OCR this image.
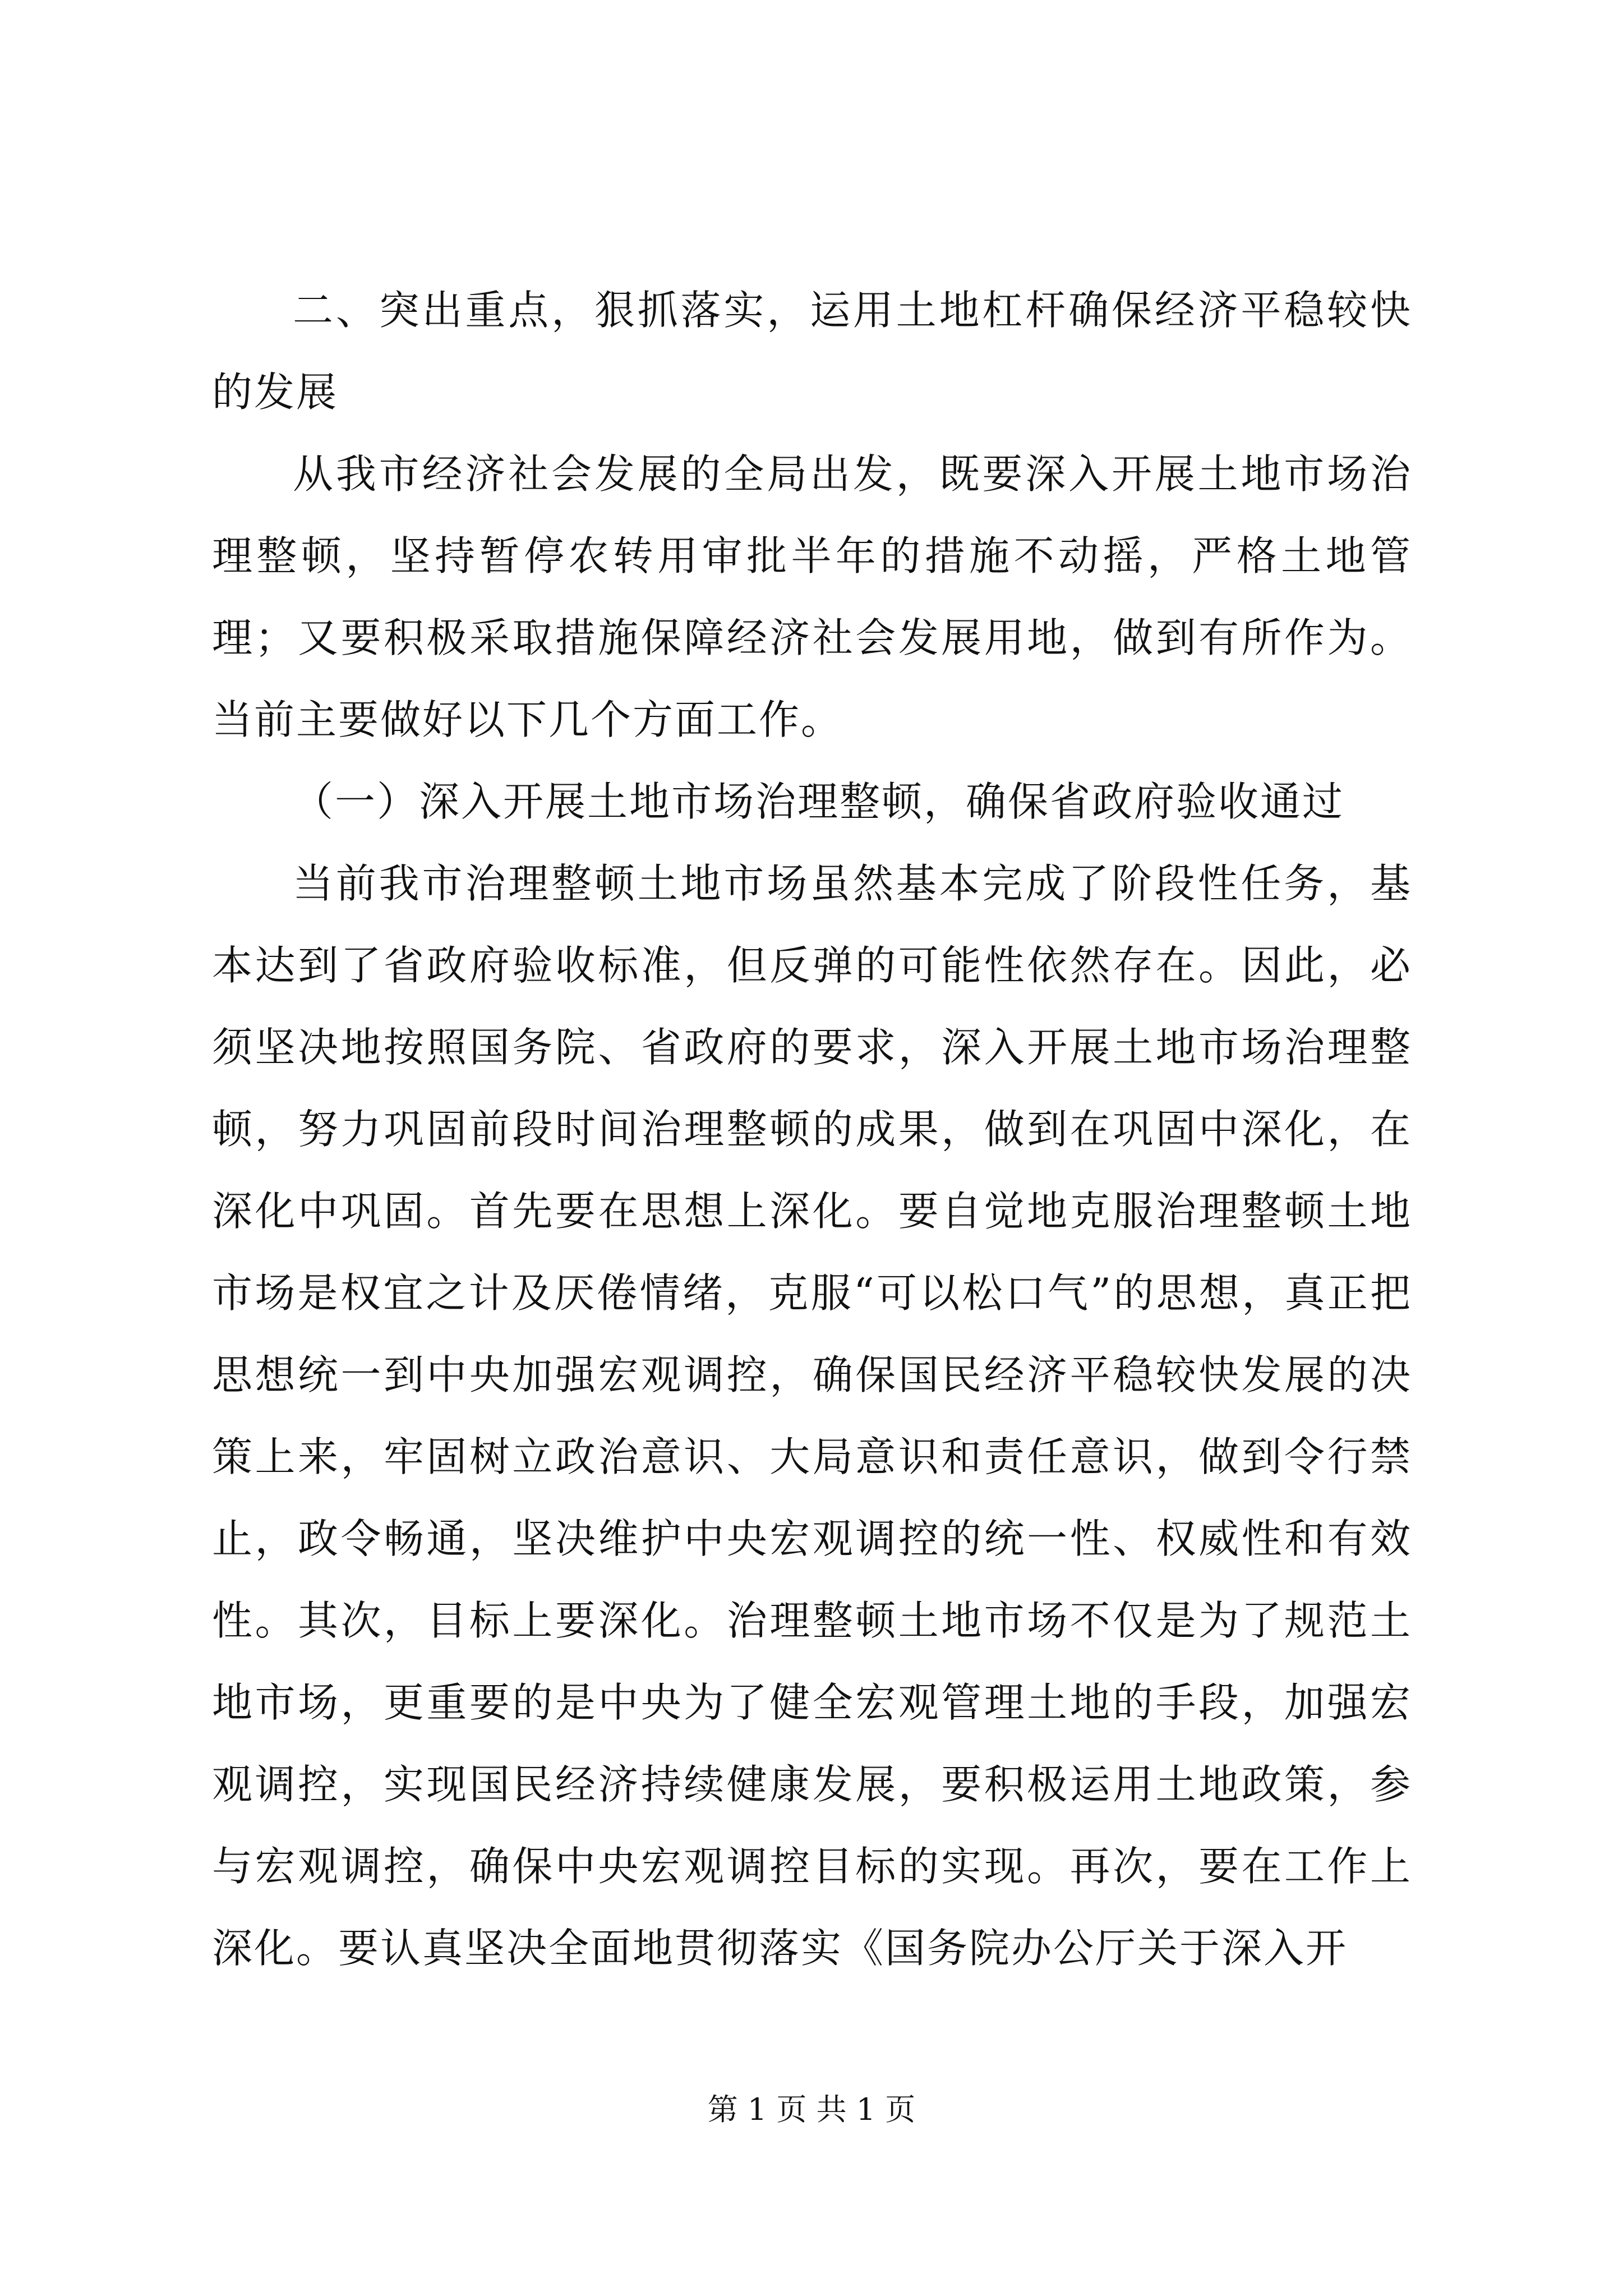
二、突出重点，狠抓落实，运用土地杠杆确保经济平稳较快的发展

从我市经济社会发展的全局出发，既要深入开展土地市场治理整顿，坚持暂停农转用审批半年的措施不动摇，严格土地管理；又要积极采取措施保障经济社会发展用地，做到有所作为。当前主要做好以下几个方面工作。

（一）深入开展土地市场治理整顿，确保省政府验收通过

当前我市治理整顿土地市场虽然基本完成了阶段性任务，基本达到了省政府验收标准，但反弹的可能性依然存在。因此，必须坚决地按照国务院、省政府的要求，深入开展土地市场治理整顿，努力巩固前段时间治理整顿的成果，做到在巩固中深化，在深化中巩固。首先要在思想上深化。要自觉地克服治理整顿土地市场是权宜之计及厌倦情绪，克服“可以松口气”的思想，真正把思想统一到中央加强宏观调控，确保国民经济平稳较快发展的决策上来，牢固树立政治意识、大局意识和责任意识，做到令行禁止，政令畅通，坚决维护中央宏观调控的统一性、权威性和有效性。其次，目标上要深化。治理整顿土地市场不仅是为了规范土地市场，更重要的是中央为了健全宏观管理土地的手段，加强宏观调控，实现国民经济持续健康发展，要积极运用土地政策，参与宏观调控，确保中央宏观调控目标的实现。再次，要在工作上深化。要认真坚决全面地贯彻落实《国务院办公厅关于深入开

第 1 页 共 1 页
